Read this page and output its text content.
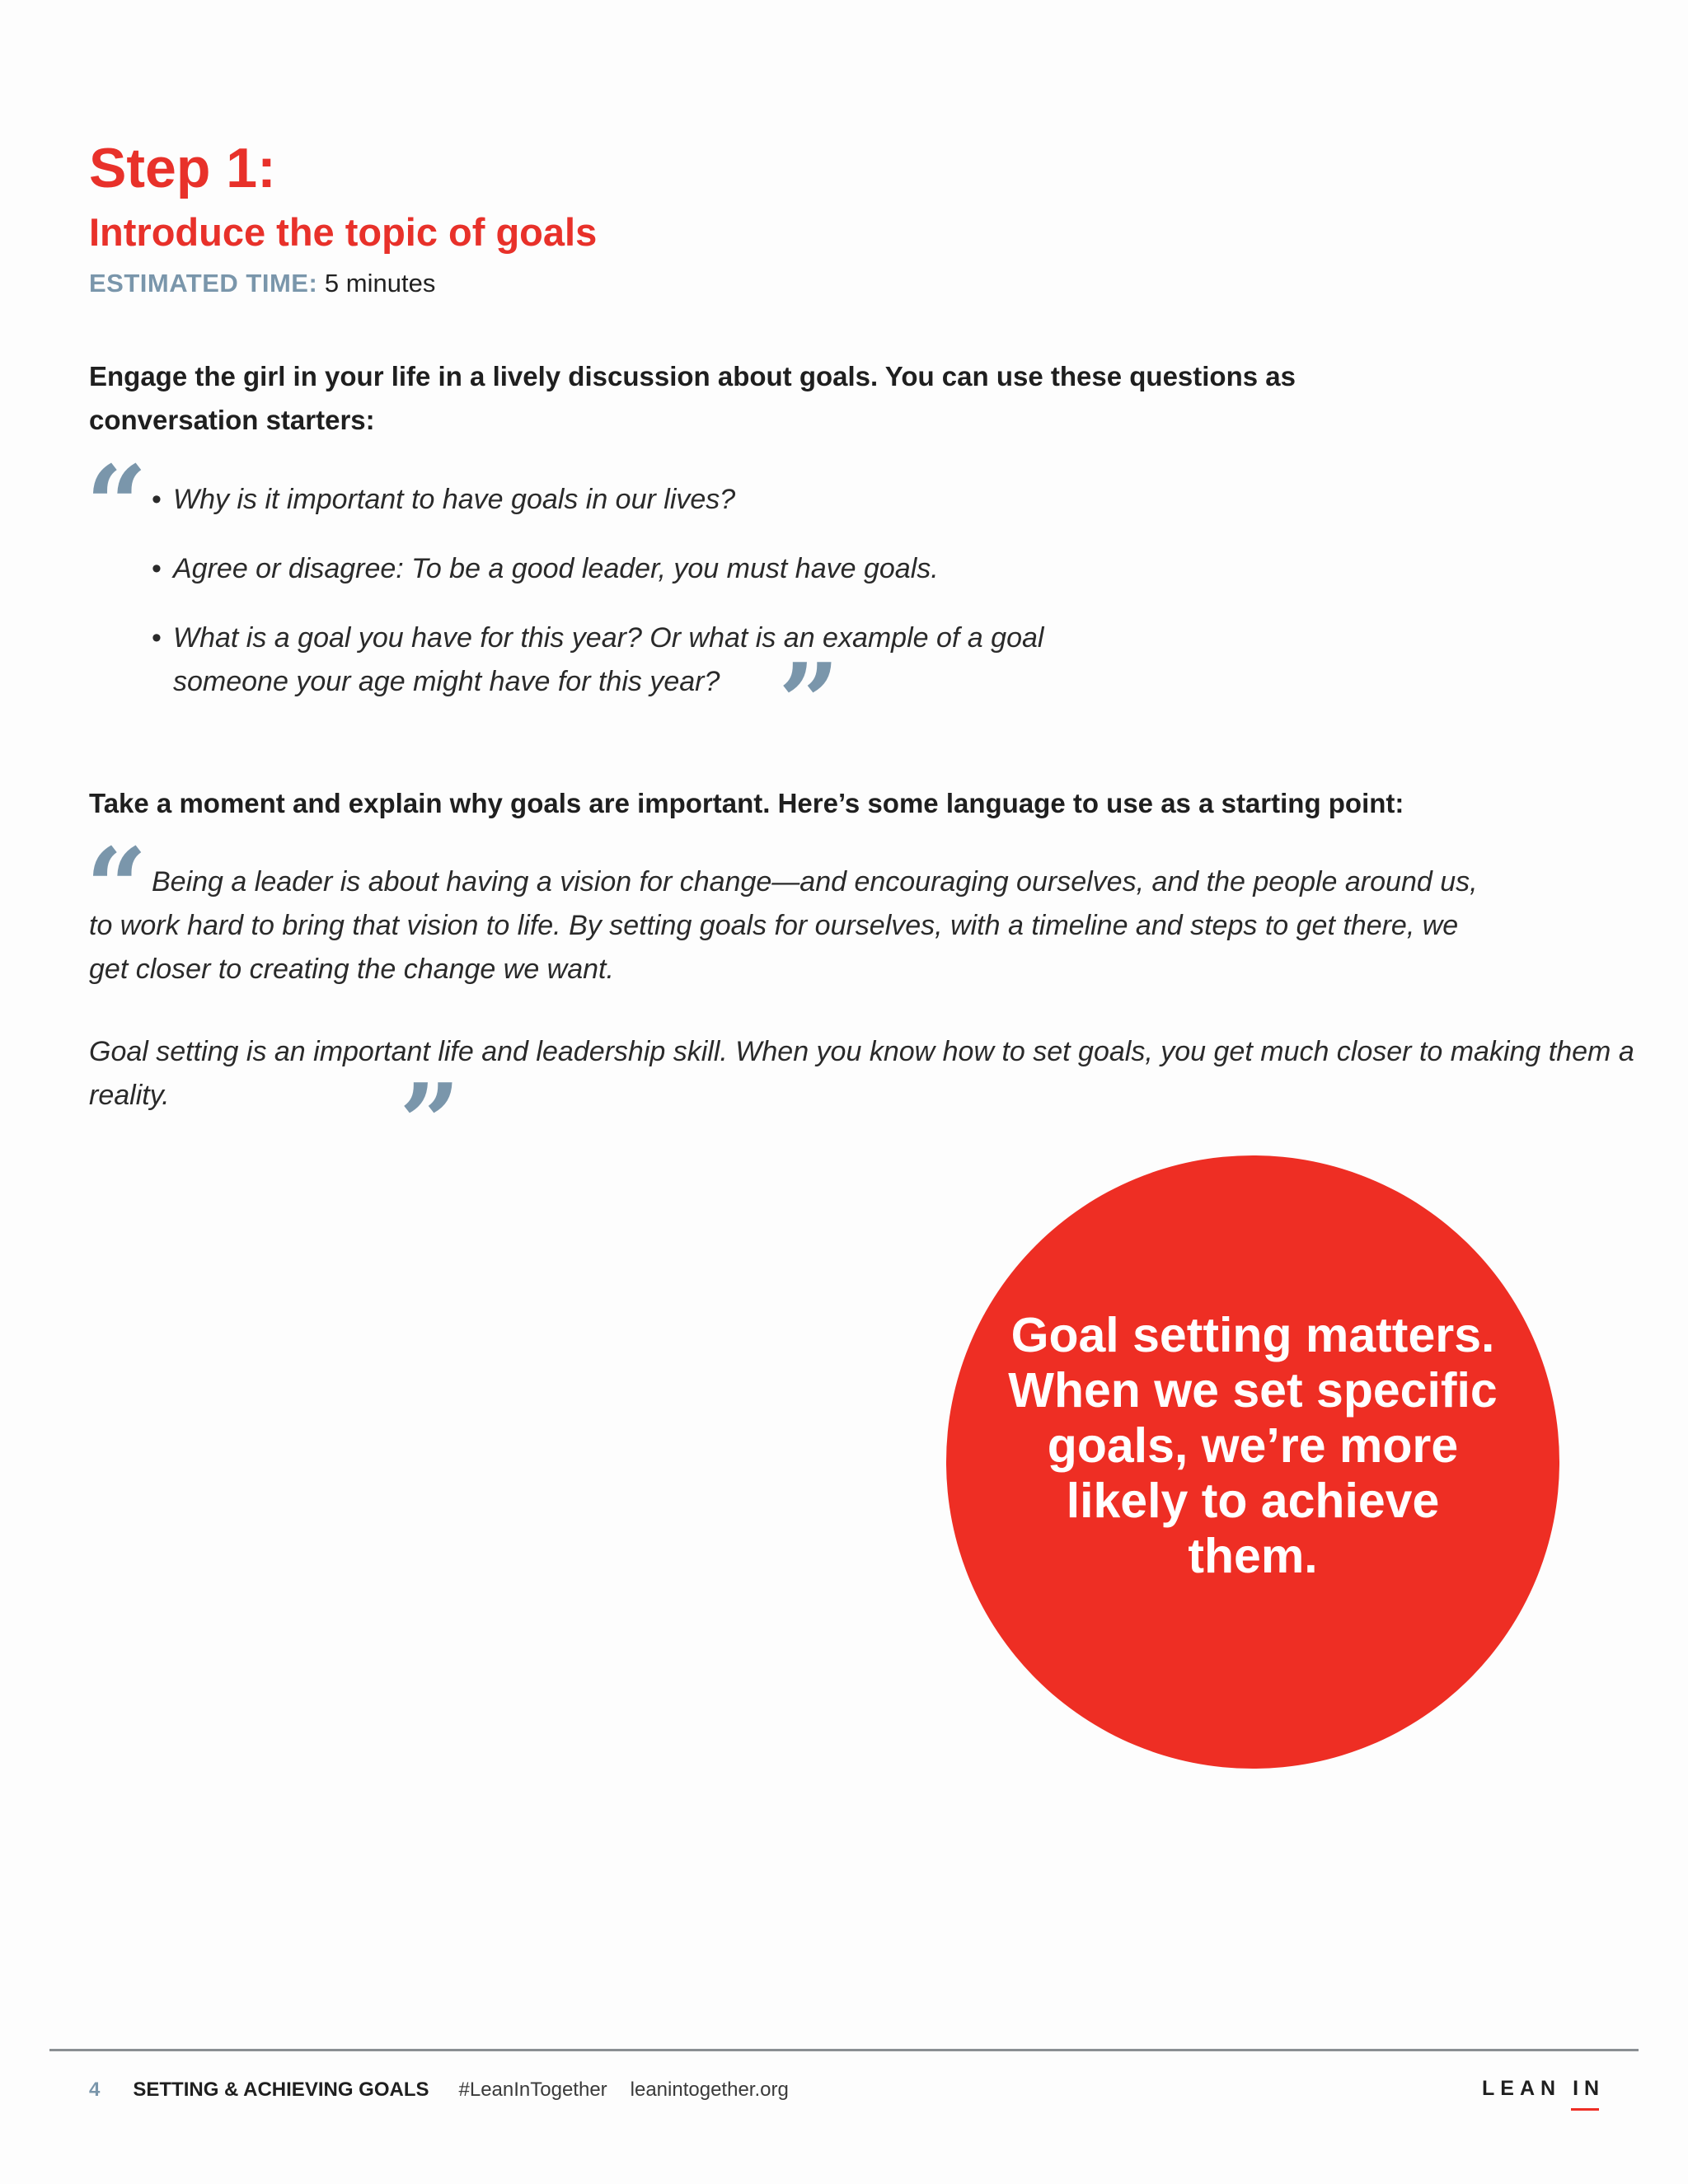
Step 1:
Introduce the topic of goals
ESTIMATED TIME: 5 minutes

Engage the girl in your life in a lively discussion about goals. You can use these questions as conversation starters:

“ • Why is it important to have goals in our lives?
• Agree or disagree: To be a good leader, you must have goals.
• What is a goal you have for this year? Or what is an example of a goal someone your age might have for this year? ”

Take a moment and explain why goals are important. Here’s some language to use as a starting point:

“ Being a leader is about having a vision for change—and encouraging ourselves, and the people around us, to work hard to bring that vision to life. By setting goals for ourselves, with a timeline and steps to get there, we get closer to creating the change we want.

Goal setting is an important life and leadership skill. When you know how to set goals, you get much closer to making them a reality.	”

Goal setting matters. When we set specific goals, we’re more likely to achieve them.

4 SETTING & ACHIEVING GOALS #LeanInTogether leanintogether.org	LEAN IN
